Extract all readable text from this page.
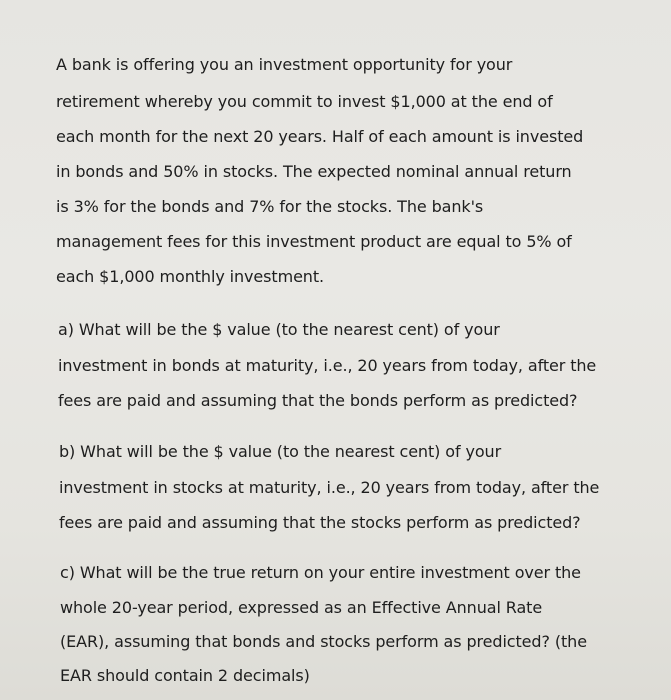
A bank is offering you an investment opportunity for your

retirement whereby you commit to invest $1,000 at the end of

each month for the next 20 years. Half of each amount is invested

in bonds and 50% in stocks. The expected nominal annual return

is 3% for the bonds and 7% for the stocks. The bank's

management fees for this investment product are equal to 5% of

each $1,000 monthly investment.

a) What will be the $ value (to the nearest cent) of your

investment in bonds at maturity, i.e., 20 years from today, after the

fees are paid and assuming that the bonds perform as predicted?

b) What will be the $ value (to the nearest cent) of your

investment in stocks at maturity, i.e., 20 years from today, after the

fees are paid and assuming that the stocks perform as predicted?

c) What will be the true return on your entire investment over the

whole 20-year period, expressed as an Effective Annual Rate

(EAR), assuming that bonds and stocks perform as predicted? (the

EAR should contain 2 decimals)
